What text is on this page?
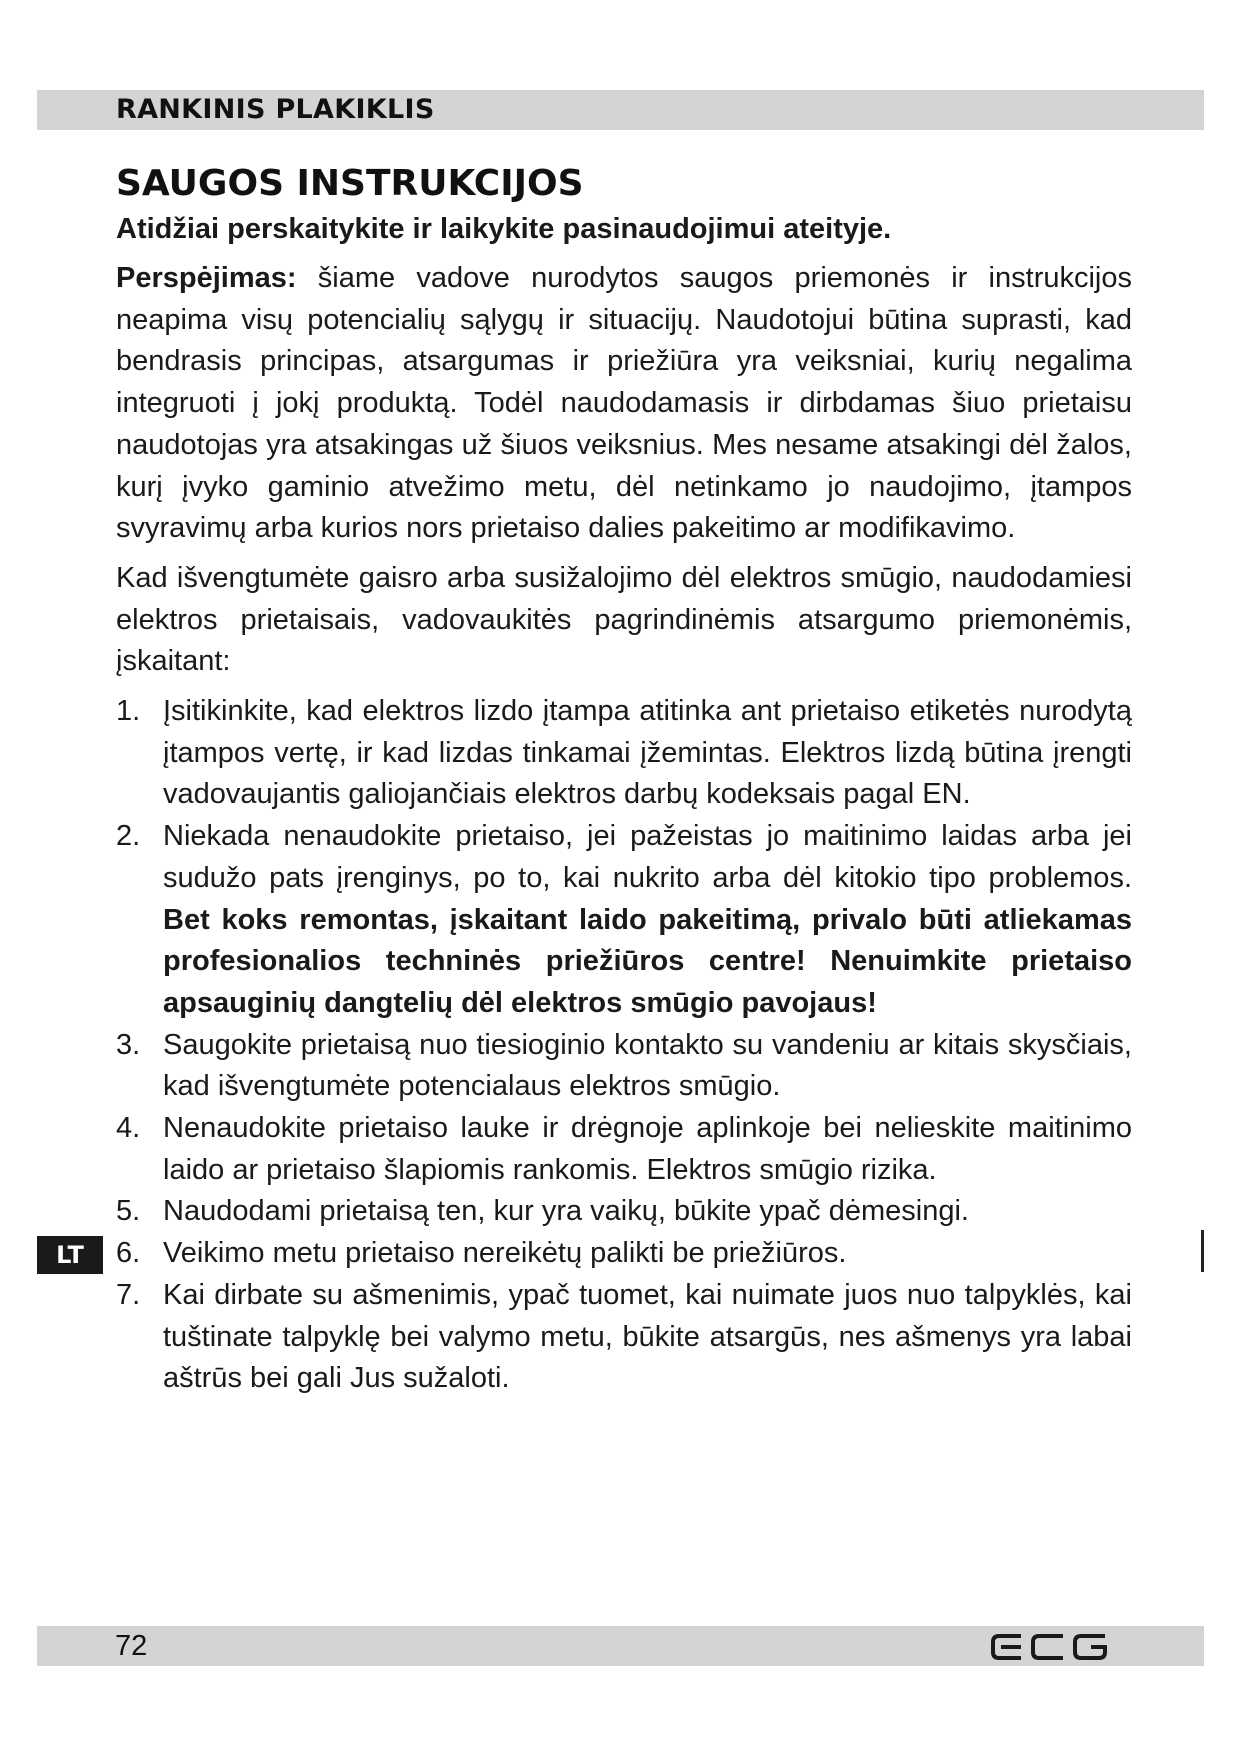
RANKINIS PLAKIKLIS
SAUGOS INSTRUKCIJOS

Atidžiai perskaitykite ir laikykite pasinaudojimui ateityje.

Perspėjimas: šiame vadove nurodytos saugos priemonės ir instrukcijos neapima visų potencialių sąlygų ir situacijų. Naudotojui būtina suprasti, kad bendrasis principas, atsargumas ir priežiūra yra veiksniai, kurių negalima integruoti į jokį produktą. Todėl naudodamasis ir dirbdamas šiuo prietaisu naudotojas yra atsakingas už šiuos veiksnius. Mes nesame atsakingi dėl žalos, kurį įvyko gaminio atvežimo metu, dėl netinkamo jo naudojimo, įtampos svyravimų arba kurios nors prietaiso dalies pakeitimo ar modifikavimo.

Kad išvengtumėte gaisro arba susižalojimo dėl elektros smūgio, naudodamiesi elektros prietaisais, vadovaukitės pagrindinėmis atsargumo priemonėmis, įskaitant:

1. Įsitikinkite, kad elektros lizdo įtampa atitinka ant prietaiso etiketės nurodytą įtampos vertę, ir kad lizdas tinkamai įžemintas. Elektros lizdą būtina įrengti vadovaujantis galiojančiais elektros darbų kodeksais pagal EN.
2. Niekada nenaudokite prietaiso, jei pažeistas jo maitinimo laidas arba jei sudužo pats įrenginys, po to, kai nukrito arba dėl kitokio tipo problemos. Bet koks remontas, įskaitant laido pakeitimą, privalo būti atliekamas profesionalios techninės priežiūros centre! Nenuimkite prietaiso apsauginių dangtelių dėl elektros smūgio pavojaus!
3. Saugokite prietaisą nuo tiesioginio kontakto su vandeniu ar kitais skysčiais, kad išvengtumėte potencialaus elektros smūgio.
4. Nenaudokite prietaiso lauke ir drėgnoje aplinkoje bei nelieskite maitinimo laido ar prietaiso šlapiomis rankomis. Elektros smūgio rizika.
5. Naudodami prietaisą ten, kur yra vaikų, būkite ypač dėmesingi.
6. Veikimo metu prietaiso nereikėtų palikti be priežiūros.
7. Kai dirbate su ašmenimis, ypač tuomet, kai nuimate juos nuo talpyklės, kai tuštinate talpyklę bei valymo metu, būkite atsargūs, nes ašmenys yra labai aštrūs bei gali Jus sužaloti.
LT
72
